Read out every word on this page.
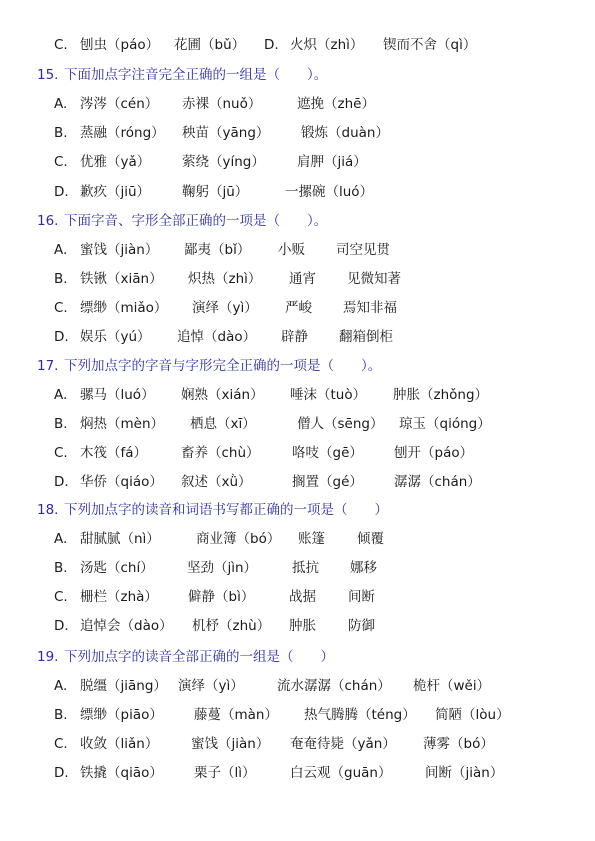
C. 刨虫（páo） 花圃（bǔ） D. 火炽（zhì） 锲而不舍（qì）
15. 下面加点字注音完全正确的一组是（　　）。
A. 涔涔（cén） 赤裸（nuǒ）	遮挽（zhē）
B. 蒸融（róng） 秧苗（yāng） 锻炼（duàn）
C. 优雅（yǎ） 萦绕（yíng） 肩胛（jiá）
D. 歉疚（jiū） 鞠躬（jū）	一摞碗（luó）
16. 下面字音、字形全部正确的一项是（　　）。
A. 蜜饯（jiàn） 鄙夷（bǐ） 小贩 司空见贯
B. 铁锹（xiān） 炽热（zhì） 通宵 见微知著
C. 缥缈（miǎo） 演绎（yì） 严峻 焉知非福
D. 娱乐（yú） 追悼（dào） 辟静 翻箱倒柜
17. 下列加点字的字音与字形完全正确的一项是（　　）。
A. 骡马（luó） 娴熟（xián） 唾沫（tuò） 肿胀（zhǒng）
B. 焖热（mèn） 栖息（xī）	僧人（sēng） 琼玉（qióng）
C. 木筏（fá）	畜养（chù） 咯吱（gē） 刨开（páo）
D. 华侨（qiáo） 叙述（xǜ）	搁置（gé） 潺潺（chán）
18. 下列加点字的读音和词语书写都正确的一项是（　　）
A. 甜腻腻（nì）	商业簿（bó） 账篷 倾覆
B. 汤匙（chí） 坚劲（jìn）	抵抗 娜移
C. 栅栏（zhà） 僻静（bì）	战据 间断
D. 追悼会（dào） 机杼（zhù） 肿胀 防御
19. 下列加点字的读音全部正确的一组是（　　）
A. 脱缰（jiāng） 演绎（yì） 流水潺潺（chán） 桅杆（wěi）
B. 缥缈（piāo） 藤蔓（màn） 热气腾腾（téng） 简陋（lòu）
C. 收敛（liǎn） 蜜饯（jiàn） 奄奄待毙（yǎn） 薄雾（bó）
D. 铁撬（qiāo） 栗子（lì）	白云观（guān） 间断（jiàn）
